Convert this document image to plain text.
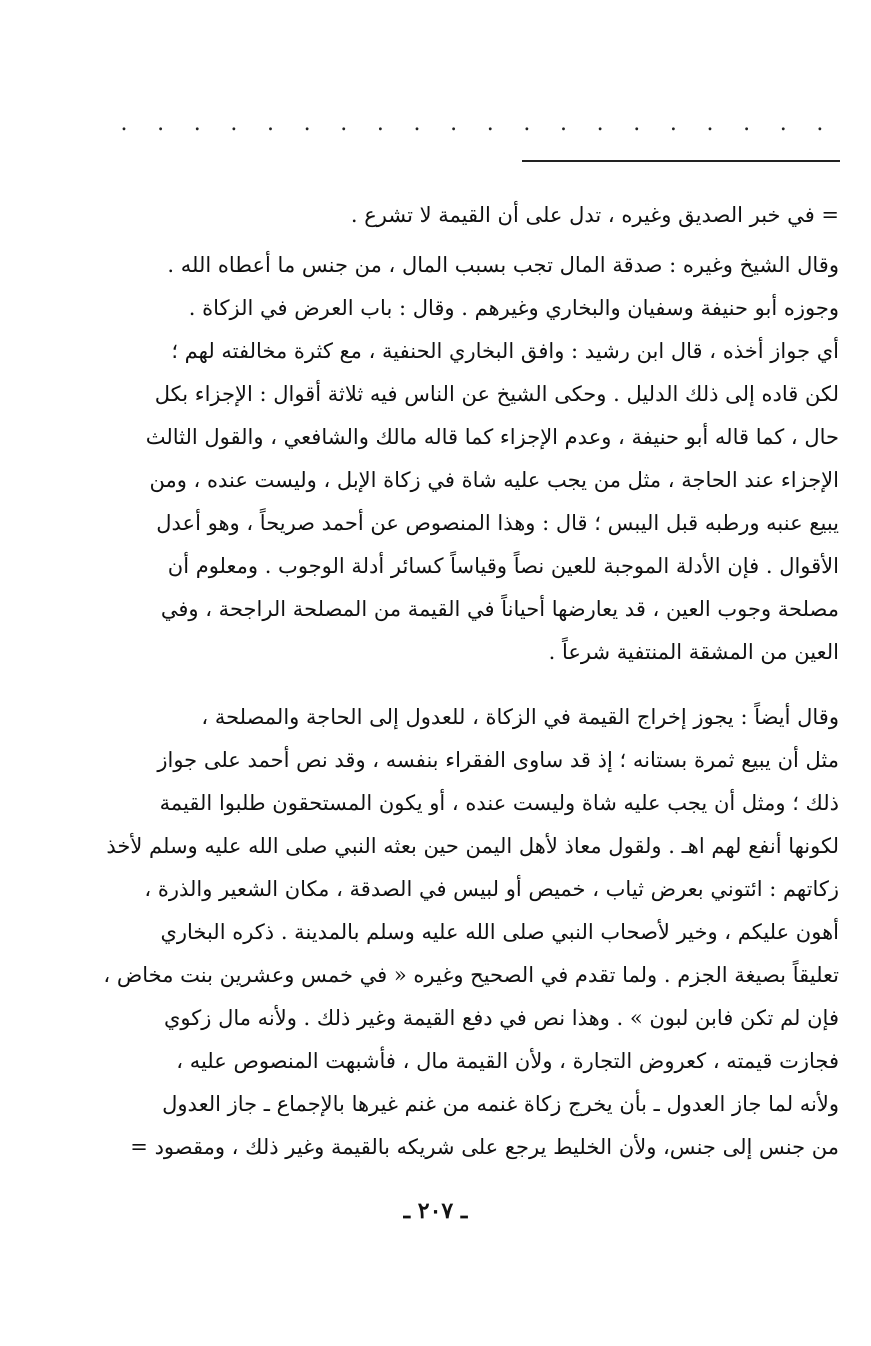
.	.	.	.	.	.	.	.	.	.	.	.	.	.	.	.	.	.	.	.
= في خبر الصديق وغيره ، تدل على أن القيمة لا تشرع .
وقال الشيخ وغيره : صدقة المال تجب بسبب المال ، من جنس ما أعطاه الله .
وجوزه أبو حنيفة وسفيان والبخاري وغيرهم . وقال : باب العرض في الزكاة .
أي جواز أخذه ، قال ابن رشيد : وافق البخاري الحنفية ، مع كثرة مخالفته لهم ؛
لكن قاده إلى ذلك الدليل . وحكى الشيخ عن الناس فيه ثلاثة أقوال : الإجزاء بكل
حال ، كما قاله أبو حنيفة ، وعدم الإجزاء كما قاله مالك والشافعي ، والقول الثالث
الإجزاء عند الحاجة ، مثل من يجب عليه شاة في زكاة الإبل ، وليست عنده ، ومن
يبيع عنبه ورطبه قبل اليبس ؛ قال : وهذا المنصوص عن أحمد صريحاً ، وهو أعدل
الأقوال . فإن الأدلة الموجبة للعين نصاً وقياساً كسائر أدلة الوجوب . ومعلوم أن
مصلحة وجوب العين ، قد يعارضها أحياناً في القيمة من المصلحة الراجحة ، وفي
العين من المشقة المنتفية شرعاً .
وقال أيضاً : يجوز إخراج القيمة في الزكاة ، للعدول إلى الحاجة والمصلحة ،
مثل أن يبيع ثمرة بستانه ؛ إذ قد ساوى الفقراء بنفسه ، وقد نص أحمد على جواز
ذلك ؛ ومثل أن يجب عليه شاة وليست عنده ، أو يكون المستحقون طلبوا القيمة
لكونها أنفع لهم اهـ . ولقول معاذ لأهل اليمن حين بعثه النبي صلى الله عليه وسلم لأخذ
زكاتهم : ائتوني بعرض ثياب ، خميص أو لبيس في الصدقة ، مكان الشعير والذرة ،
أهون عليكم ، وخير لأصحاب النبي صلى الله عليه وسلم بالمدينة . ذكره البخاري
تعليقاً بصيغة الجزم . ولما تقدم في الصحيح وغيره « في خمس وعشرين بنت مخاض ،
فإن لم تكن فابن لبون » . وهذا نص في دفع القيمة وغير ذلك . ولأنه مال زكوي
فجازت قيمته ، كعروض التجارة ، ولأن القيمة مال ، فأشبهت المنصوص عليه ،
ولأنه لما جاز العدول ـ بأن يخرج زكاة غنمه من غنم غيرها بالإجماع ـ جاز العدول
من جنس إلى جنس، ولأن الخليط يرجع على شريكه بالقيمة وغير ذلك ، ومقصود =
ـ ٢٠٧ ـ
